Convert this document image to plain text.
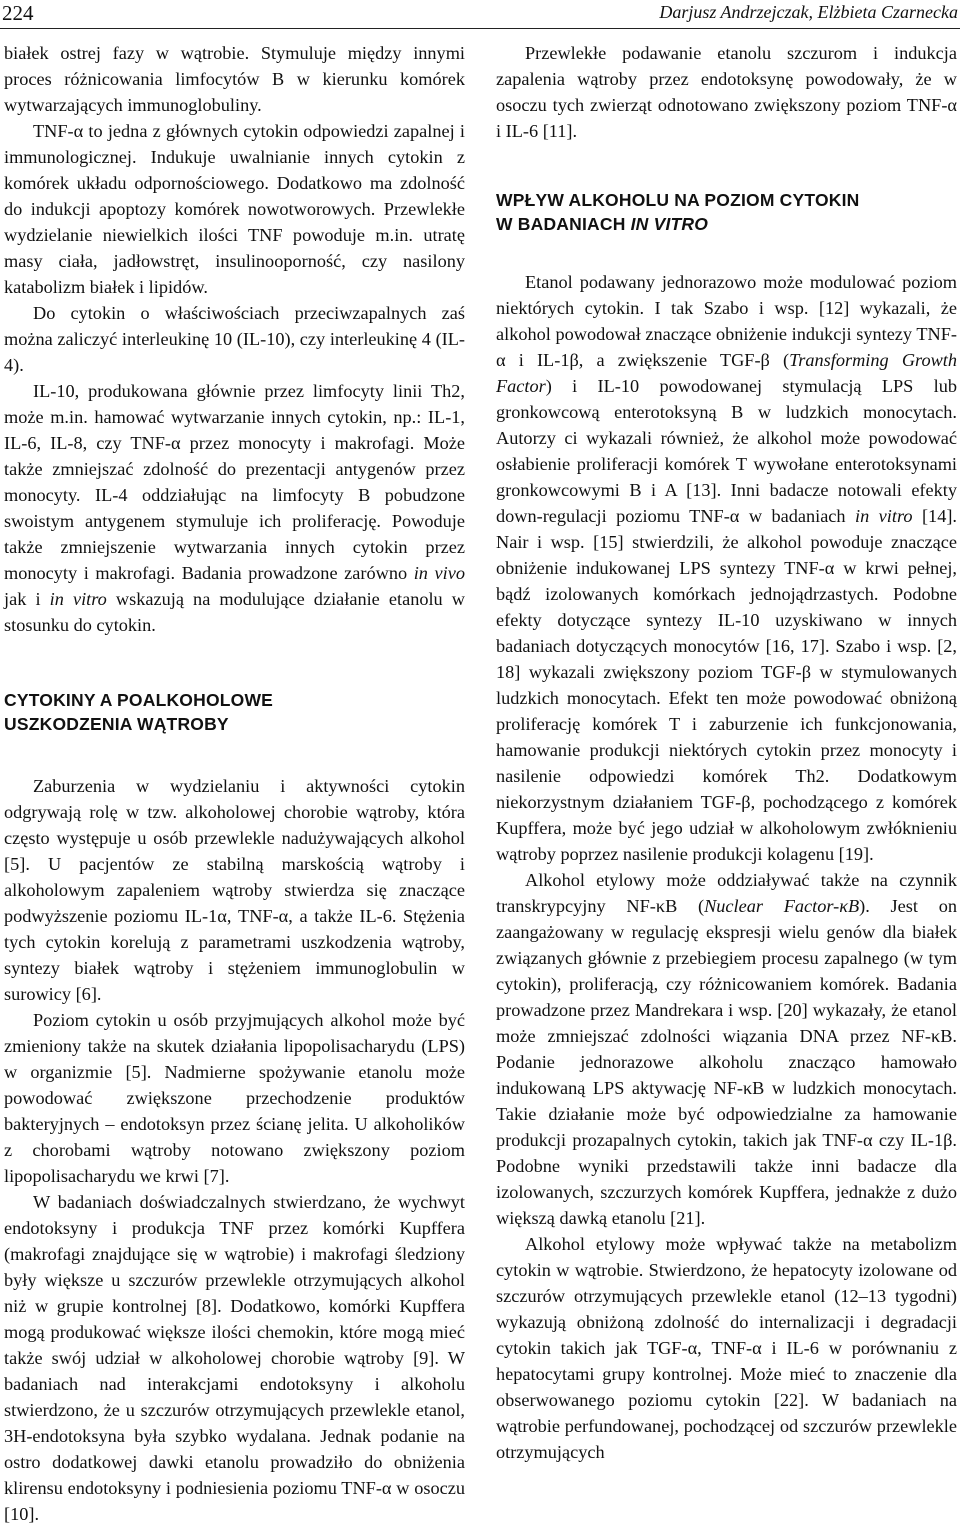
224	Darjusz Andrzejczak, Elżbieta Czarnecka

białek ostrej fazy w wątrobie. Stymuluje między innymi proces różnicowania limfocytów B w kierunku komórek wytwarzających immunoglobuliny.

TNF-α to jedna z głównych cytokin odpowiedzi zapalnej i immunologicznej. Indukuje uwalnianie innych cytokin z komórek układu odpornościowego. Dodatkowo ma zdolność do indukcji apoptozy komórek nowotworowych. Przewlekłe wydzielanie niewielkich ilości TNF powoduje m.in. utratę masy ciała, jadłowstręt, insulinooporność, czy nasilony katabolizm białek i lipidów.

Do cytokin o właściwościach przeciwzapalnych zaś można zaliczyć interleukinę 10 (IL-10), czy interleukinę 4 (IL-4).

IL-10, produkowana głównie przez limfocyty linii Th2, może m.in. hamować wytwarzanie innych cytokin, np.: IL-1, IL-6, IL-8, czy TNF-α przez monocyty i makrofagi. Może także zmniejszać zdolność do prezentacji antygenów przez monocyty. IL-4 oddziałując na limfocyty B pobudzone swoistym antygenem stymuluje ich proliferację. Powoduje także zmniejszenie wytwarzania innych cytokin przez monocyty i makrofagi. Badania prowadzone zarówno in vivo jak i in vitro wskazują na modulujące działanie etanolu w stosunku do cytokin.

CYTOKINY A POALKOHOLOWE
USZKODZENIA WĄTROBY

Zaburzenia w wydzielaniu i aktywności cytokin odgrywają rolę w tzw. alkoholowej chorobie wątroby, która często występuje u osób przewlekle nadużywających alkohol [5]. U pacjentów ze stabilną marskością wątroby i alkoholowym zapaleniem wątroby stwierdza się znaczące podwyższenie poziomu IL-1α, TNF-α, a także IL-6. Stężenia tych cytokin korelują z parametrami uszkodzenia wątroby, syntezy białek wątroby i stężeniem immunoglobulin w surowicy [6].

Poziom cytokin u osób przyjmujących alkohol może być zmieniony także na skutek działania lipopolisacharydu (LPS) w organizmie [5]. Nadmierne spożywanie etanolu może powodować zwiększone przechodzenie produktów bakteryjnych – endotoksyn przez ścianę jelita. U alkoholików z chorobami wątroby notowano zwiększony poziom lipopolisacharydu we krwi [7].

W badaniach doświadczalnych stwierdzano, że wychwyt endotoksyny i produkcja TNF przez komórki Kupffera (makrofagi znajdujące się w wątrobie) i makrofagi śledziony były większe u szczurów przewlekle otrzymujących alkohol niż w grupie kontrolnej [8]. Dodatkowo, komórki Kupffera mogą produkować większe ilości chemokin, które mogą mieć także swój udział w alkoholowej chorobie wątroby [9]. W badaniach nad interakcjami endotoksyny i alkoholu stwierdzono, że u szczurów otrzymujących przewlekle etanol, 3H-endotoksyna była szybko wydalana. Jednak podanie na ostro dodatkowej dawki etanolu prowadziło do obniżenia klirensu endotoksyny i podniesienia poziomu TNF-α w osoczu [10].

Przewlekłe podawanie etanolu szczurom i indukcja zapalenia wątroby przez endotoksynę powodowały, że w osoczu tych zwierząt odnotowano zwiększony poziom TNF-α i IL-6 [11].

WPŁYW ALKOHOLU NA POZIOM CYTOKIN
W BADANIACH IN VITRO

Etanol podawany jednorazowo może modulować poziom niektórych cytokin. I tak Szabo i wsp. [12] wykazali, że alkohol powodował znaczące obniżenie indukcji syntezy TNF-α i IL-1β, a zwiększenie TGF-β (Transforming Growth Factor) i IL-10 powodowanej stymulacją LPS lub gronkowcową enterotoksyną B w ludzkich monocytach. Autorzy ci wykazali również, że alkohol może powodować osłabienie proliferacji komórek T wywołane enterotoksynami gronkowcowymi B i A [13]. Inni badacze notowali efekty down-regulacji poziomu TNF-α w badaniach in vitro [14]. Nair i wsp. [15] stwierdzili, że alkohol powoduje znaczące obniżenie indukowanej LPS syntezy TNF-α w krwi pełnej, bądź izolowanych komórkach jednojądrzastych. Podobne efekty dotyczące syntezy IL-10 uzyskiwano w innych badaniach dotyczących monocytów [16, 17]. Szabo i wsp. [2, 18] wykazali zwiększony poziom TGF-β w stymulowanych ludzkich monocytach. Efekt ten może powodować obniżoną proliferację komórek T i zaburzenie ich funkcjonowania, hamowanie produkcji niektórych cytokin przez monocyty i nasilenie odpowiedzi komórek Th2. Dodatkowym niekorzystnym działaniem TGF-β, pochodzącego z komórek Kupffera, może być jego udział w alkoholowym zwłóknieniu wątroby poprzez nasilenie produkcji kolagenu [19].

Alkohol etylowy może oddziaływać także na czynnik transkrypcyjny NF-κB (Nuclear Factor-κB). Jest on zaangażowany w regulację ekspresji wielu genów dla białek związanych głównie z przebiegiem procesu zapalnego (w tym cytokin), proliferacją, czy różnicowaniem komórek. Badania prowadzone przez Mandrekara i wsp. [20] wykazały, że etanol może zmniejszać zdolności wiązania DNA przez NF-κB. Podanie jednorazowe alkoholu znacząco hamowało indukowaną LPS aktywację NF-κB w ludzkich monocytach. Takie działanie może być odpowiedzialne za hamowanie produkcji prozapalnych cytokin, takich jak TNF-α czy IL-1β. Podobne wyniki przedstawili także inni badacze dla izolowanych, szczurzych komórek Kupffera, jednakże z dużo większą dawką etanolu [21].

Alkohol etylowy może wpływać także na metabolizm cytokin w wątrobie. Stwierdzono, że hepatocyty izolowane od szczurów otrzymujących przewlekle etanol (12–13 tygodni) wykazują obniżoną zdolność do internalizacji i degradacji cytokin takich jak TGF-α, TNF-α i IL-6 w porównaniu z hepatocytami grupy kontrolnej. Może mieć to znaczenie dla obserwowanego poziomu cytokin [22]. W badaniach na wątrobie perfundowanej, pochodzącej od szczurów przewlekle otrzymujących
